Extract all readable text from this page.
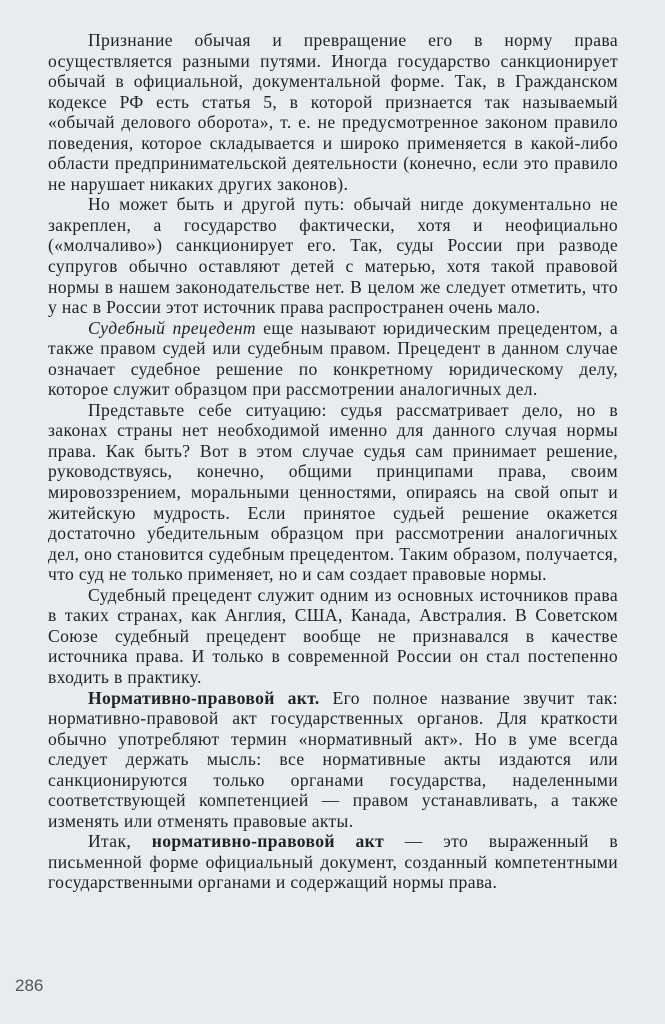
Признание обычая и превращение его в норму права осуществляется разными путями. Иногда государство санкционирует обычай в официальной, документальной форме. Так, в Гражданском кодексе РФ есть статья 5, в которой признается так называемый «обычай делового оборота», т. е. не предусмотренное законом правило поведения, которое складывается и широко применяется в какой-либо области предпринимательской деятельности (конечно, если это правило не нарушает никаких других законов).

Но может быть и другой путь: обычай нигде документально не закреплен, а государство фактически, хотя и неофициально («молчаливо») санкционирует его. Так, суды России при разводе супругов обычно оставляют детей с матерью, хотя такой правовой нормы в нашем законодательстве нет. В целом же следует отметить, что у нас в России этот источник права распространен очень мало.

Судебный прецедент еще называют юридическим прецедентом, а также правом судей или судебным правом. Прецедент в данном случае означает судебное решение по конкретному юридическому делу, которое служит образцом при рассмотрении аналогичных дел.

Представьте себе ситуацию: судья рассматривает дело, но в законах страны нет необходимой именно для данного случая нормы права. Как быть? Вот в этом случае судья сам принимает решение, руководствуясь, конечно, общими принципами права, своим мировоззрением, моральными ценностями, опираясь на свой опыт и житейскую мудрость. Если принятое судьей решение окажется достаточно убедительным образцом при рассмотрении аналогичных дел, оно становится судебным прецедентом. Таким образом, получается, что суд не только применяет, но и сам создает правовые нормы.

Судебный прецедент служит одним из основных источников права в таких странах, как Англия, США, Канада, Австралия. В Советском Союзе судебный прецедент вообще не признавался в качестве источника права. И только в современной России он стал постепенно входить в практику.

Нормативно-правовой акт. Его полное название звучит так: нормативно-правовой акт государственных органов. Для краткости обычно употребляют термин «нормативный акт». Но в уме всегда следует держать мысль: все нормативные акты издаются или санкционируются только органами государства, наделенными соответствующей компетенцией — правом устанавливать, а также изменять или отменять правовые акты.

Итак, нормативно-правовой акт — это выраженный в письменной форме официальный документ, созданный компетентными государственными органами и содержащий нормы права.

286
